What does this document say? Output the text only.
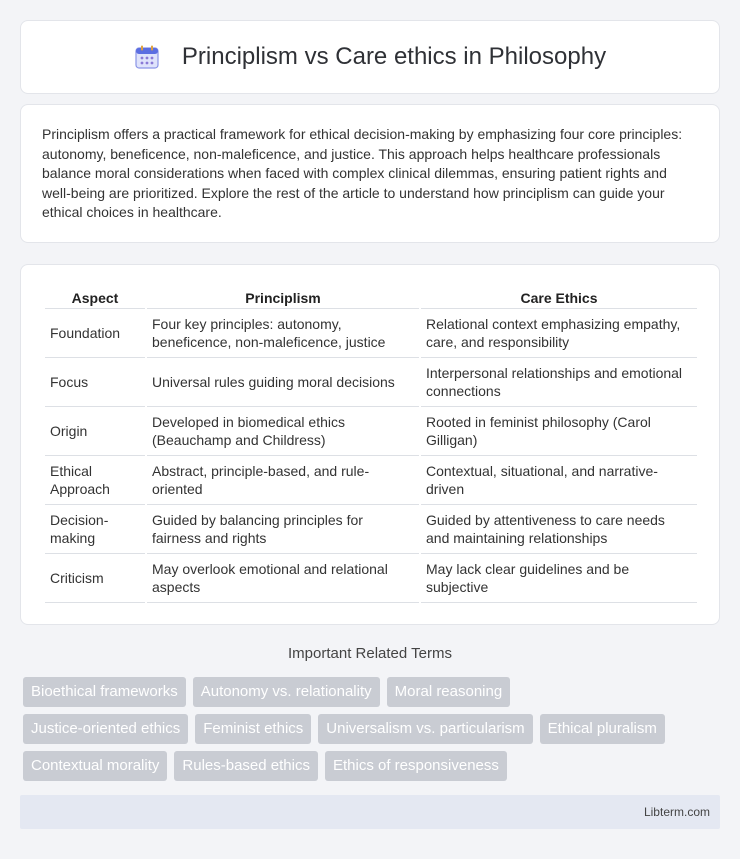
Principlism vs Care ethics in Philosophy

Principlism offers a practical framework for ethical decision-making by emphasizing four core principles: autonomy, beneficence, non-maleficence, and justice. This approach helps healthcare professionals balance moral considerations when faced with complex clinical dilemmas, ensuring patient rights and well-being are prioritized. Explore the rest of the article to understand how principlism can guide your ethical choices in healthcare.

Aspect	Principlism	Care Ethics
Foundation	Four key principles: autonomy, beneficence, non-maleficence, justice	Relational context emphasizing empathy, care, and responsibility
Focus	Universal rules guiding moral decisions	Interpersonal relationships and emotional connections
Origin	Developed in biomedical ethics (Beauchamp and Childress)	Rooted in feminist philosophy (Carol Gilligan)
Ethical Approach	Abstract, principle-based, and rule-oriented	Contextual, situational, and narrative-driven
Decision-making	Guided by balancing principles for fairness and rights	Guided by attentiveness to care needs and maintaining relationships
Criticism	May overlook emotional and relational aspects	May lack clear guidelines and be subjective
Important Related Terms
Bioethical frameworks	Autonomy vs. relationality	Moral reasoning
Justice-oriented ethics	Feminist ethics	Universalism vs. particularism	Ethical pluralism
Contextual morality	Rules-based ethics	Ethics of responsiveness
Libterm.com
